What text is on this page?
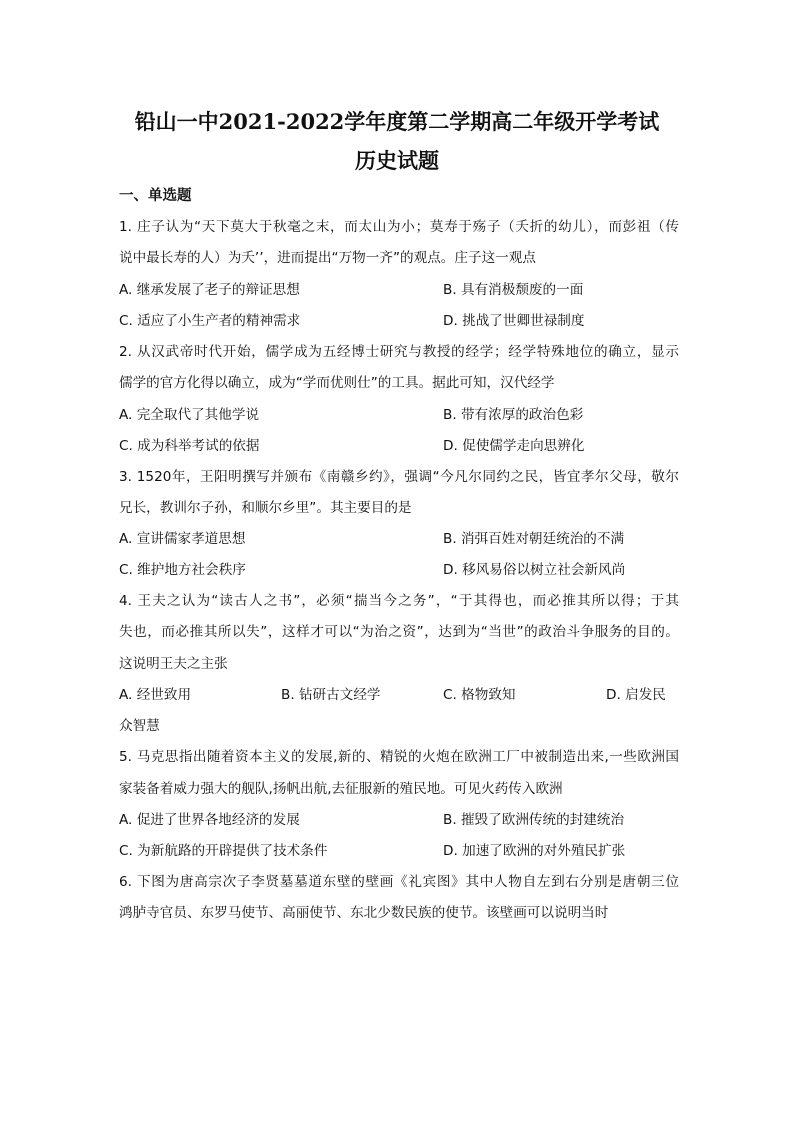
铅山一中2021-2022学年度第二学期高二年级开学考试
历史试题
一、单选题
1. 庄子认为“天下莫大于秋毫之末，而太山为小；莫寿于殇子（夭折的幼儿），而彭祖（传
说中最长寿的人）为夭’’，进而提出“万物一齐”的观点。庄子这一观点
A. 继承发展了老子的辩证思想	B. 具有消极颓废的一面
C. 适应了小生产者的精神需求	D. 挑战了世卿世禄制度
2. 从汉武帝时代开始，儒学成为五经博士研究与教授的经学；经学特殊地位的确立，显示
儒学的官方化得以确立，成为“学而优则仕”的工具。据此可知，汉代经学
A. 完全取代了其他学说	B. 带有浓厚的政治色彩
C. 成为科举考试的依据	D. 促使儒学走向思辨化
3. 1520年，王阳明撰写并颁布《南赣乡约》，强调“今凡尔同约之民，皆宜孝尔父母，敬尔
兄长，教训尔子孙，和顺尔乡里”。其主要目的是
A. 宣讲儒家孝道思想	B. 消弭百姓对朝廷统治的不满
C. 维护地方社会秩序	D. 移风易俗以树立社会新风尚
4. 王夫之认为“读古人之书”，必须“揣当今之务”，“于其得也，而必推其所以得；于其
失也，而必推其所以失”，这样才可以“为治之资”，达到为“当世”的政治斗争服务的目的。
这说明王夫之主张
A. 经世致用	B. 钻研古文经学	C. 格物致知	D. 启发民
众智慧
5. 马克思指出随着资本主义的发展,新的、精锐的火炮在欧洲工厂中被制造出来,一些欧洲国
家装备着威力强大的舰队,扬帆出航,去征服新的殖民地。可见火药传入欧洲
A. 促进了世界各地经济的发展	B. 摧毁了欧洲传统的封建统治
C. 为新航路的开辟提供了技术条件	D. 加速了欧洲的对外殖民扩张
6. 下图为唐高宗次子李贤墓墓道东壁的壁画《礼宾图》其中人物自左到右分别是唐朝三位
鸿胪寺官员、东罗马使节、高丽使节、东北少数民族的使节。该壁画可以说明当时
